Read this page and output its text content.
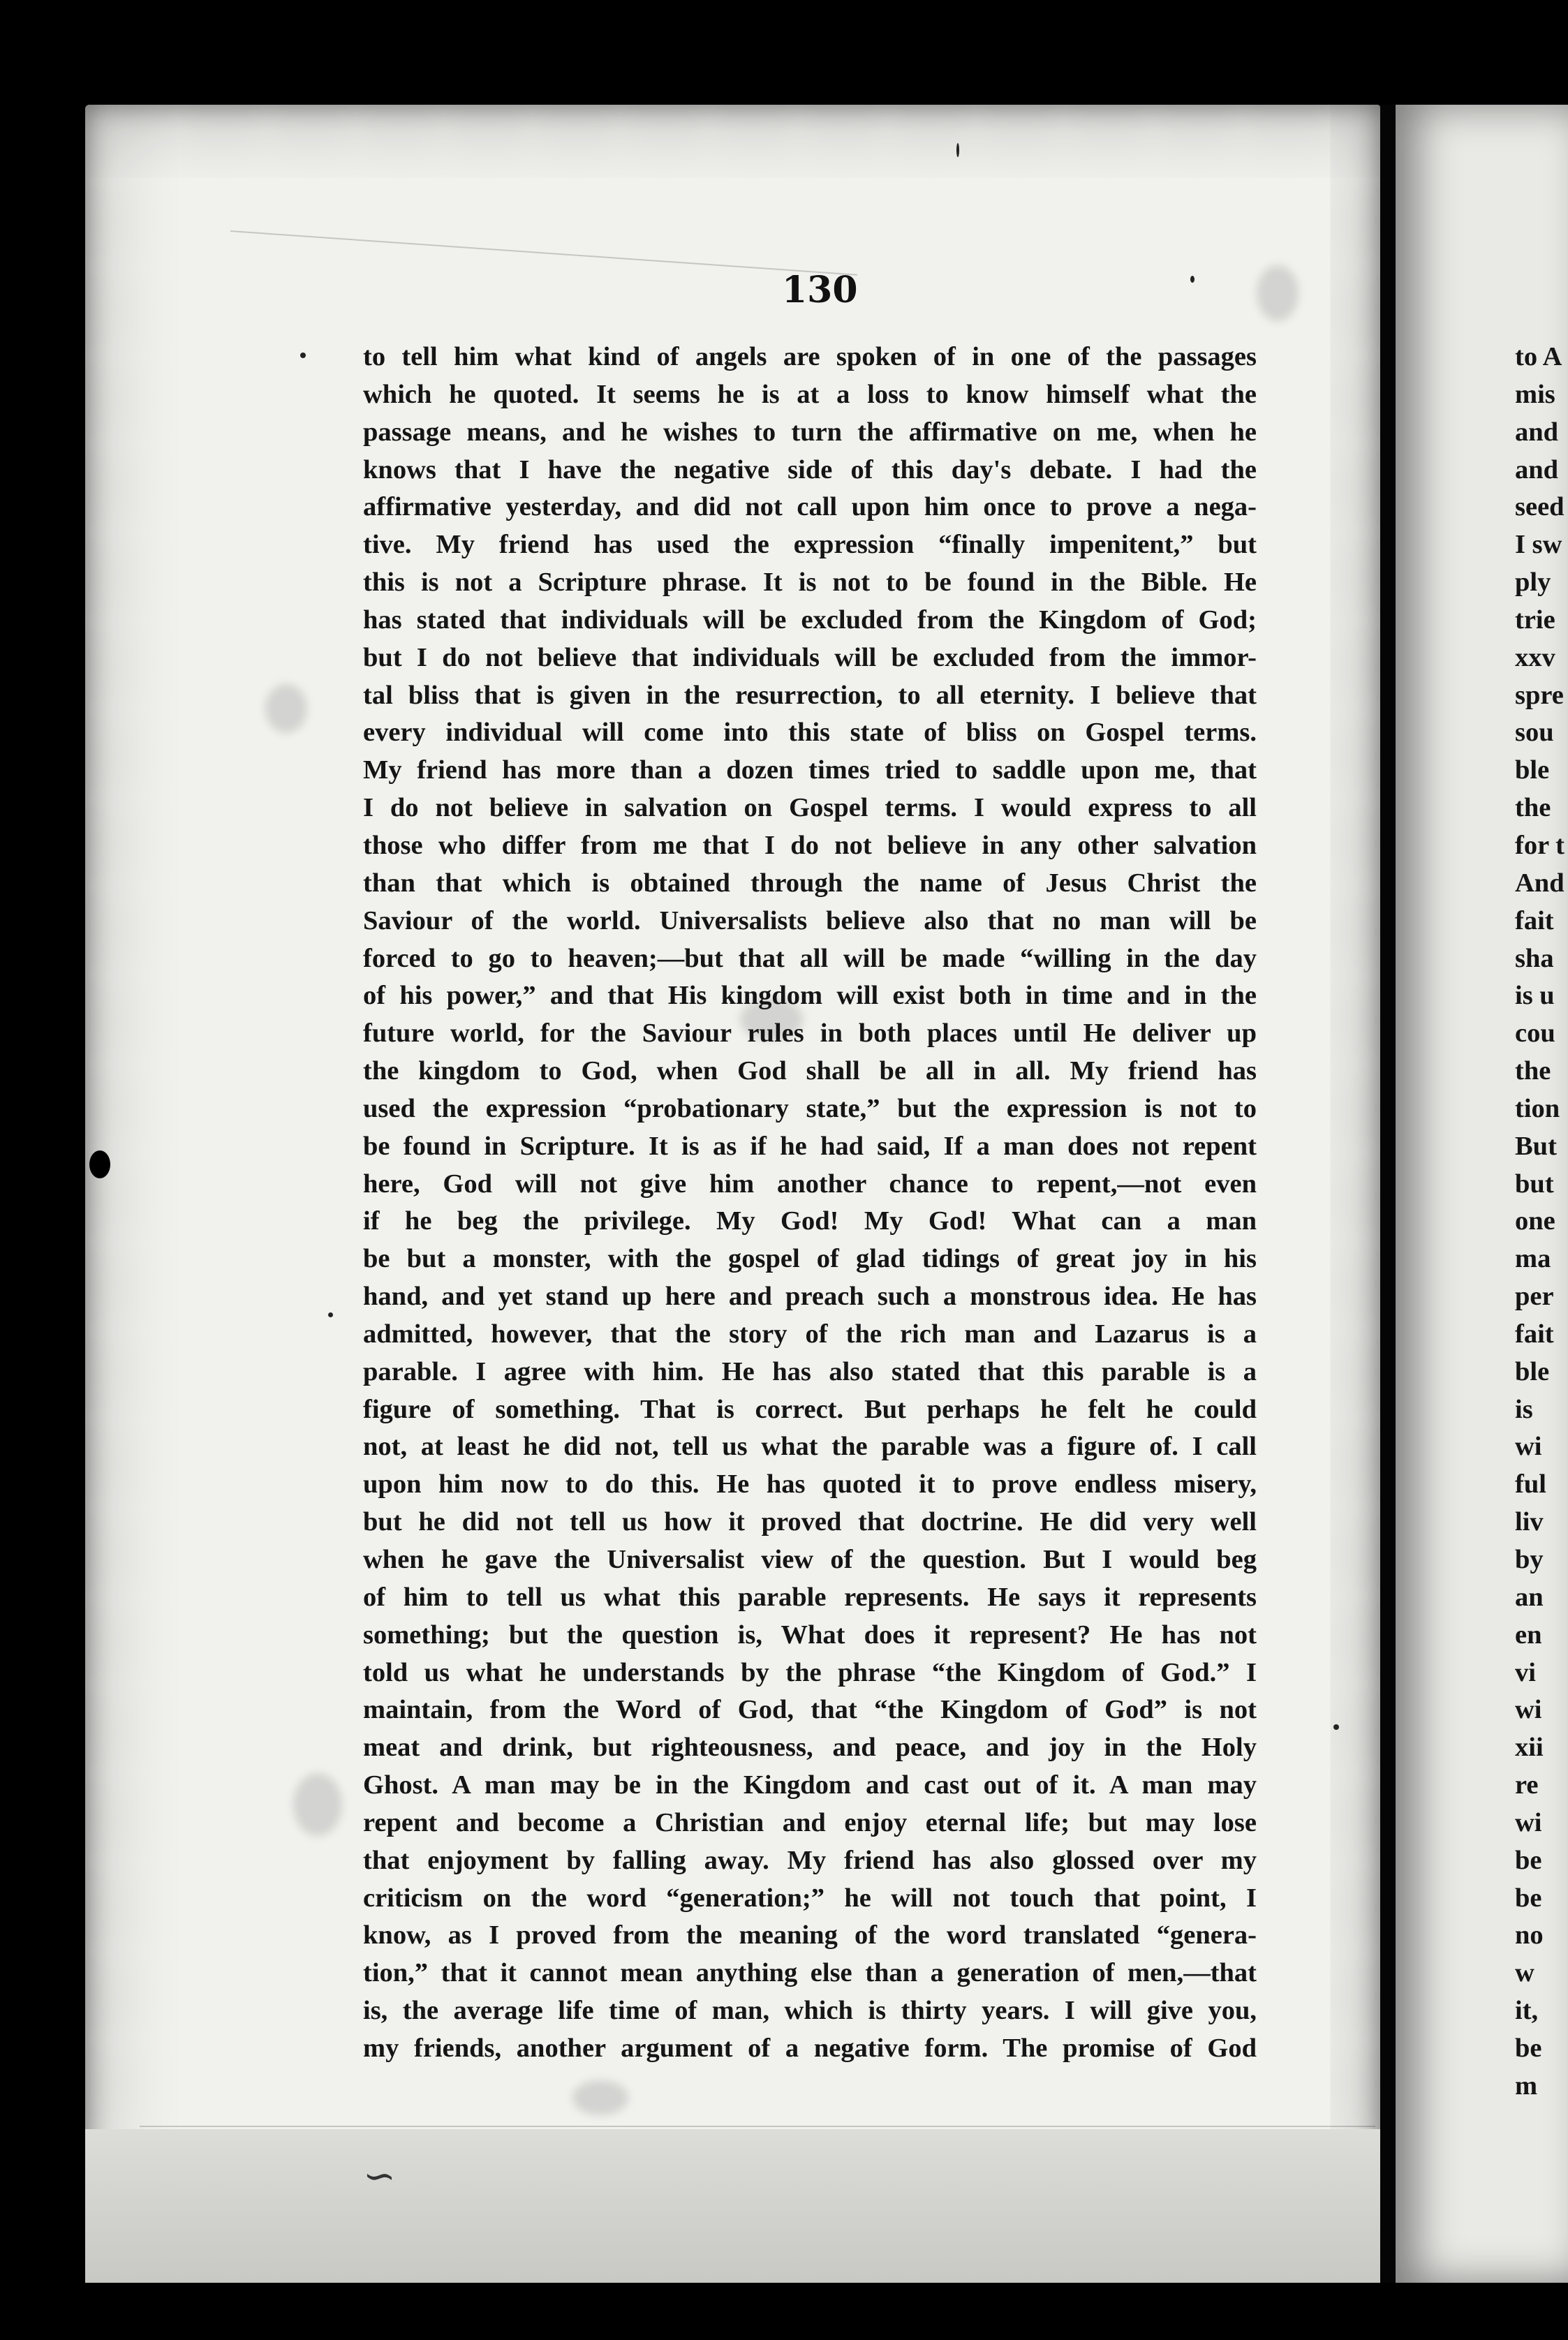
∽
130
to tell him what kind of angels are spoken of in one of the passages
which he quoted. It seems he is at a loss to know himself what the
passage means, and he wishes to turn the affirmative on me, when he
knows that I have the negative side of this day's debate. I had the
affirmative yesterday, and did not call upon him once to prove a nega-
tive. My friend has used the expression “finally impenitent,” but
this is not a Scripture phrase. It is not to be found in the Bible. He
has stated that individuals will be excluded from the Kingdom of God;
but I do not believe that individuals will be excluded from the immor-
tal bliss that is given in the resurrection, to all eternity. I believe that
every individual will come into this state of bliss on Gospel terms.
My friend has more than a dozen times tried to saddle upon me, that
I do not believe in salvation on Gospel terms. I would express to all
those who differ from me that I do not believe in any other salvation
than that which is obtained through the name of Jesus Christ the
Saviour of the world. Universalists believe also that no man will be
forced to go to heaven;—but that all will be made “willing in the day
of his power,” and that His kingdom will exist both in time and in the
future world, for the Saviour rules in both places until He deliver up
the kingdom to God, when God shall be all in all. My friend has
used the expression “probationary state,” but the expression is not to
be found in Scripture. It is as if he had said, If a man does not repent
here, God will not give him another chance to repent,—not even
if he beg the privilege. My God! My God! What can a man
be but a monster, with the gospel of glad tidings of great joy in his
hand, and yet stand up here and preach such a monstrous idea. He has
admitted, however, that the story of the rich man and Lazarus is a
parable. I agree with him. He has also stated that this parable is a
figure of something. That is correct. But perhaps he felt he could
not, at least he did not, tell us what the parable was a figure of. I call
upon him now to do this. He has quoted it to prove endless misery,
but he did not tell us how it proved that doctrine. He did very well
when he gave the Universalist view of the question. But I would beg
of him to tell us what this parable represents. He says it represents
something; but the question is, What does it represent? He has not
told us what he understands by the phrase “the Kingdom of God.” I
maintain, from the Word of God, that “the Kingdom of God” is not
meat and drink, but righteousness, and peace, and joy in the Holy
Ghost. A man may be in the Kingdom and cast out of it. A man may
repent and become a Christian and enjoy eternal life; but may lose
that enjoyment by falling away. My friend has also glossed over my
criticism on the word “generation;” he will not touch that point, I
know, as I proved from the meaning of the word translated “genera-
tion,” that it cannot mean anything else than a generation of men,—that
is, the average life time of man, which is thirty years. I will give you,
my friends, another argument of a negative form. The promise of God
to A
mis
and
and
seed
I sw
ply
trie
xxv
spre
sou
ble
the
for t
And
fait
sha
is u
cou
the
tion
But
but
one
ma
per
fait
ble
is
wi
ful
liv
by
an
en
vi
wi
xii
re
wi
be
be
no
w
it,
be
m
